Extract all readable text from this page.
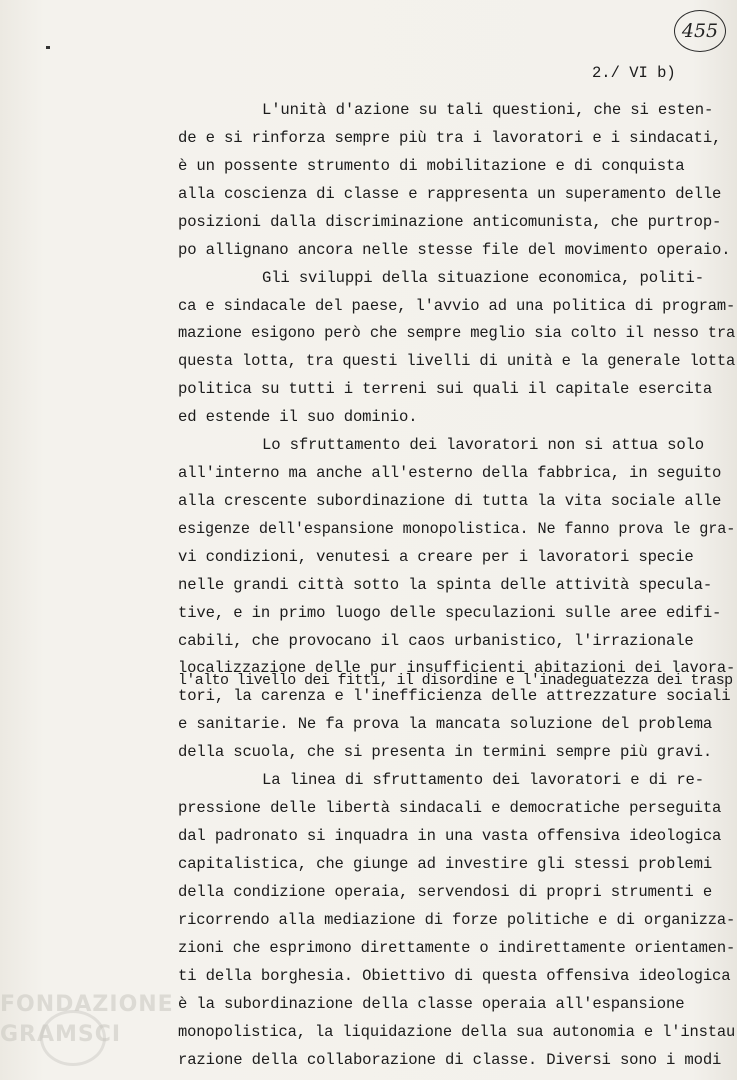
455
2./ VI b)
L'unità d'azione su tali questioni, che si esten-
de e si rinforza sempre più tra i lavoratori e i sindacati,
è un possente strumento di mobilitazione e di conquista
alla coscienza di classe e rappresenta un superamento delle
posizioni dalla discriminazione anticomunista, che purtrop-
po allignano ancora nelle stesse file del movimento operaio.
Gli sviluppi della situazione economica, politi-
ca e sindacale del paese, l'avvio ad una politica di program-
mazione esigono però che sempre meglio sia colto il nesso tra
questa lotta, tra questi livelli di unità e la generale lotta
politica su tutti i terreni sui quali il capitale esercita
ed estende il suo dominio.
Lo sfruttamento dei lavoratori non si attua solo
all'interno ma anche all'esterno della fabbrica, in seguito
alla crescente subordinazione di tutta la vita sociale alle
esigenze dell'espansione monopolistica. Ne fanno prova le gra-
vi condizioni, venutesi a creare per i lavoratori specie
nelle grandi città sotto la spinta delle attività specula-
tive, e in primo luogo delle speculazioni sulle aree edifi-
cabili, che provocano il caos urbanistico, l'irrazionale
localizzazione delle pur insufficienti abitazioni dei lavora-
l'alto livello dei fitti, il disordine e l'inadeguatezza dei trasp
tori, la carenza e l'inefficienza delle attrezzature sociali
e sanitarie. Ne fa prova la mancata soluzione del problema
della scuola, che si presenta in termini sempre più gravi.
La linea di sfruttamento dei lavoratori e di re-
pressione delle libertà sindacali e democratiche perseguita
dal padronato si inquadra in una vasta offensiva ideologica
capitalistica, che giunge ad investire gli stessi problemi
della condizione operaia, servendosi di propri strumenti e
ricorrendo alla mediazione di forze politiche e di organizza-
zioni che esprimono direttamente o indirettamente orientamen-
ti della borghesia. Obiettivo di questa offensiva ideologica
è la subordinazione della classe operaia all'espansione
monopolistica, la liquidazione della sua autonomia e l'instau
razione della collaborazione di classe. Diversi sono i modi
FONDAZIONE GRAMSCI
